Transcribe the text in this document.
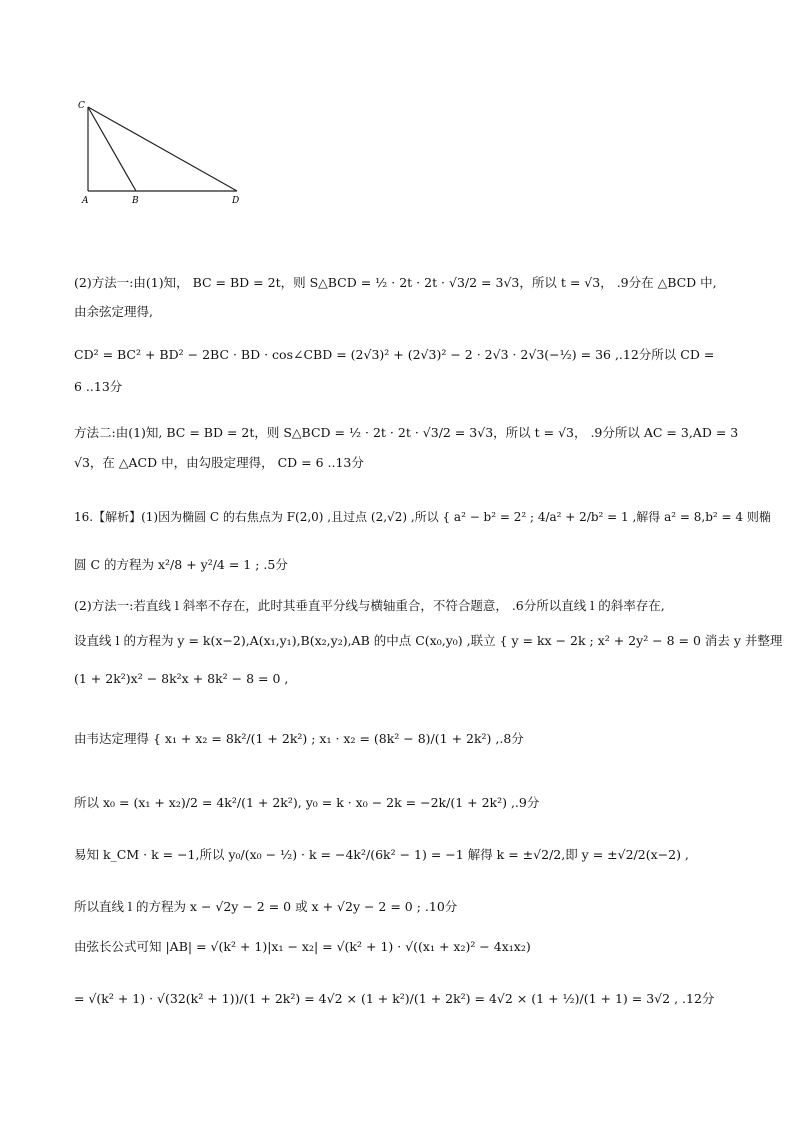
C
A	B	D
(2)方法一:由(1)知， BC = BD = 2t，则 S△BCD = ½ · 2t · 2t · √3/2 = 3√3，所以 t = √3， .9分在 △BCD 中,
由余弦定理得,
CD² = BC² + BD² − 2BC · BD · cos∠CBD = (2√3)² + (2√3)² − 2 · 2√3 · 2√3(−½) = 36 ,.12分所以 CD =
6 ..13分
方法二:由(1)知, BC = BD = 2t，则 S△BCD = ½ · 2t · 2t · √3/2 = 3√3，所以 t = √3， .9分所以 AC = 3,AD = 3
√3，在 △ACD 中，由勾股定理得， CD = 6 ..13分
16.【解析】(1)因为椭圆 C 的右焦点为 F(2,0) ,且过点 (2,√2) ,所以 { a² − b² = 2² ; 4/a² + 2/b² = 1 ,解得 a² = 8,b² = 4 则椭
圆 C 的方程为 x²/8 + y²/4 = 1 ; .5分
(2)方法一:若直线 l 斜率不存在，此时其垂直平分线与横轴重合，不符合题意， .6分所以直线 l 的斜率存在,
设直线 l 的方程为 y = k(x−2),A(x₁,y₁),B(x₂,y₂),AB 的中点 C(x₀,y₀) ,联立 { y = kx − 2k ; x² + 2y² − 8 = 0 消去 y 并整理
(1 + 2k²)x² − 8k²x + 8k² − 8 = 0 ,
由韦达定理得 { x₁ + x₂ = 8k²/(1 + 2k²) ; x₁ · x₂ = (8k² − 8)/(1 + 2k²) ,.8分
所以 x₀ = (x₁ + x₂)/2 = 4k²/(1 + 2k²), y₀ = k · x₀ − 2k = −2k/(1 + 2k²) ,.9分
易知 k_CM · k = −1,所以 y₀/(x₀ − ½) · k = −4k²/(6k² − 1) = −1 解得 k = ±√2/2,即 y = ±√2/2(x−2) ,
所以直线 l 的方程为 x − √2y − 2 = 0 或 x + √2y − 2 = 0 ; .10分
由弦长公式可知 |AB| = √(k² + 1)|x₁ − x₂| = √(k² + 1) · √((x₁ + x₂)² − 4x₁x₂)
= √(k² + 1) · √(32(k² + 1))/(1 + 2k²) = 4√2 × (1 + k²)/(1 + 2k²) = 4√2 × (1 + ½)/(1 + 1) = 3√2 , .12分
